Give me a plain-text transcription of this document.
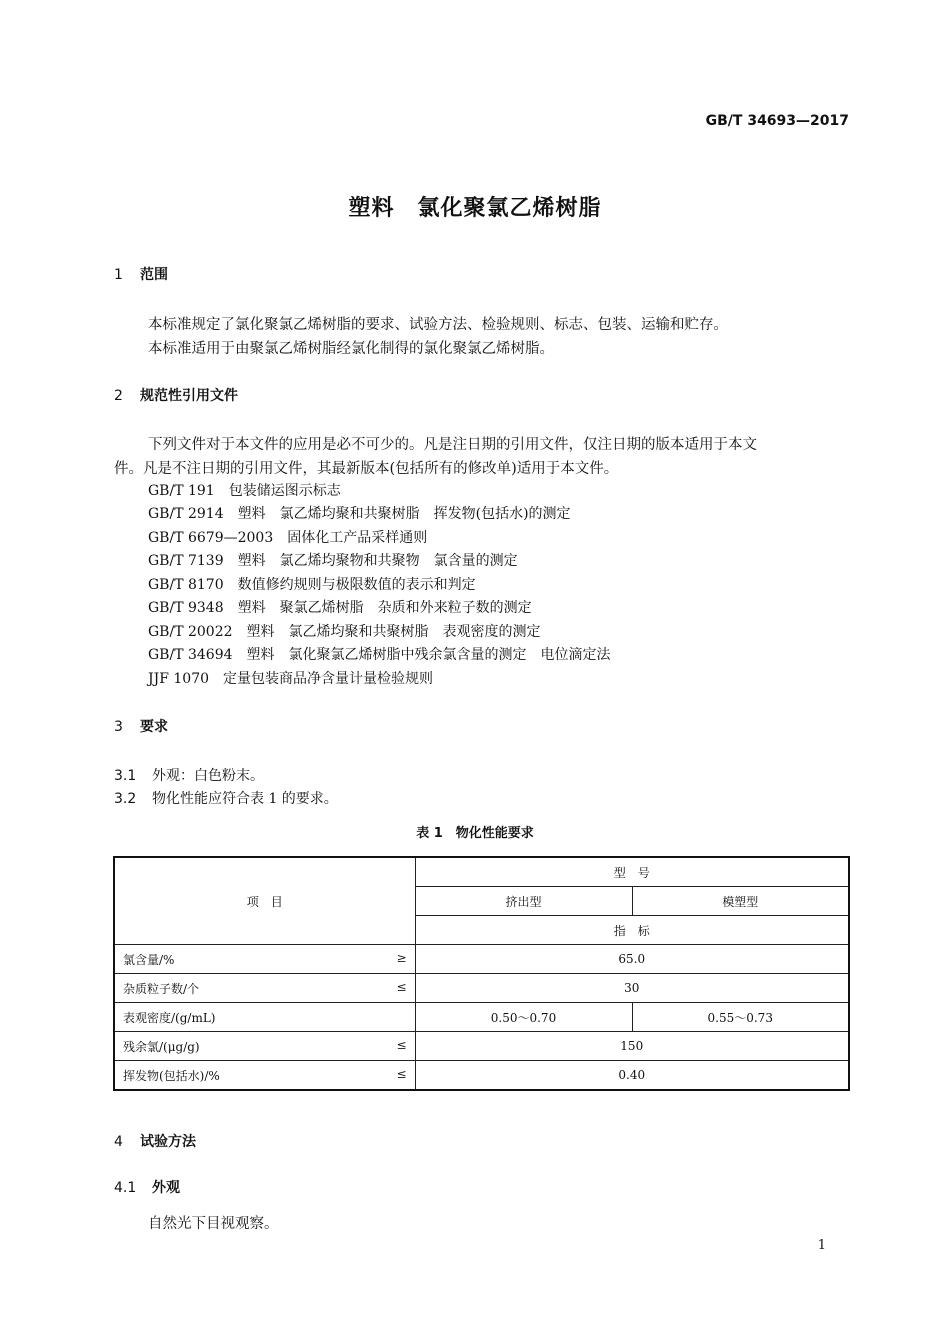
GB/T 34693—2017
塑料　氯化聚氯乙烯树脂
1 范围
本标准规定了氯化聚氯乙烯树脂的要求、试验方法、检验规则、标志、包装、运输和贮存。
本标准适用于由聚氯乙烯树脂经氯化制得的氯化聚氯乙烯树脂。
2 规范性引用文件
下列文件对于本文件的应用是必不可少的。凡是注日期的引用文件，仅注日期的版本适用于本文
件。凡是不注日期的引用文件，其最新版本(包括所有的修改单)适用于本文件。
GB/T 191　包装储运图示标志
GB/T 2914　塑料　氯乙烯均聚和共聚树脂　挥发物(包括水)的测定
GB/T 6679—2003　固体化工产品采样通则
GB/T 7139　塑料　氯乙烯均聚物和共聚物　氯含量的测定
GB/T 8170　数值修约规则与极限数值的表示和判定
GB/T 9348　塑料　聚氯乙烯树脂　杂质和外来粒子数的测定
GB/T 20022　塑料　氯乙烯均聚和共聚树脂　表观密度的测定
GB/T 34694　塑料　氯化聚氯乙烯树脂中残余氯含量的测定　电位滴定法
JJF 1070　定量包装商品净含量计量检验规则
3 要求
3.1 外观：白色粉末。
3.2 物化性能应符合表 1 的要求。
表 1　物化性能要求
项　目	型　号	
	挤出型	模塑型
	指　标	

氯含量/% ≥	65.0	

杂质粒子数/个 ≤	30	

表观密度/(g/mL)	0.50～0.70	0.55～0.73

残余氯/(μg/g) ≤	150	

挥发物(包括水)/% ≤	0.40	
4 试验方法
4.1 外观
自然光下目视观察。
1
